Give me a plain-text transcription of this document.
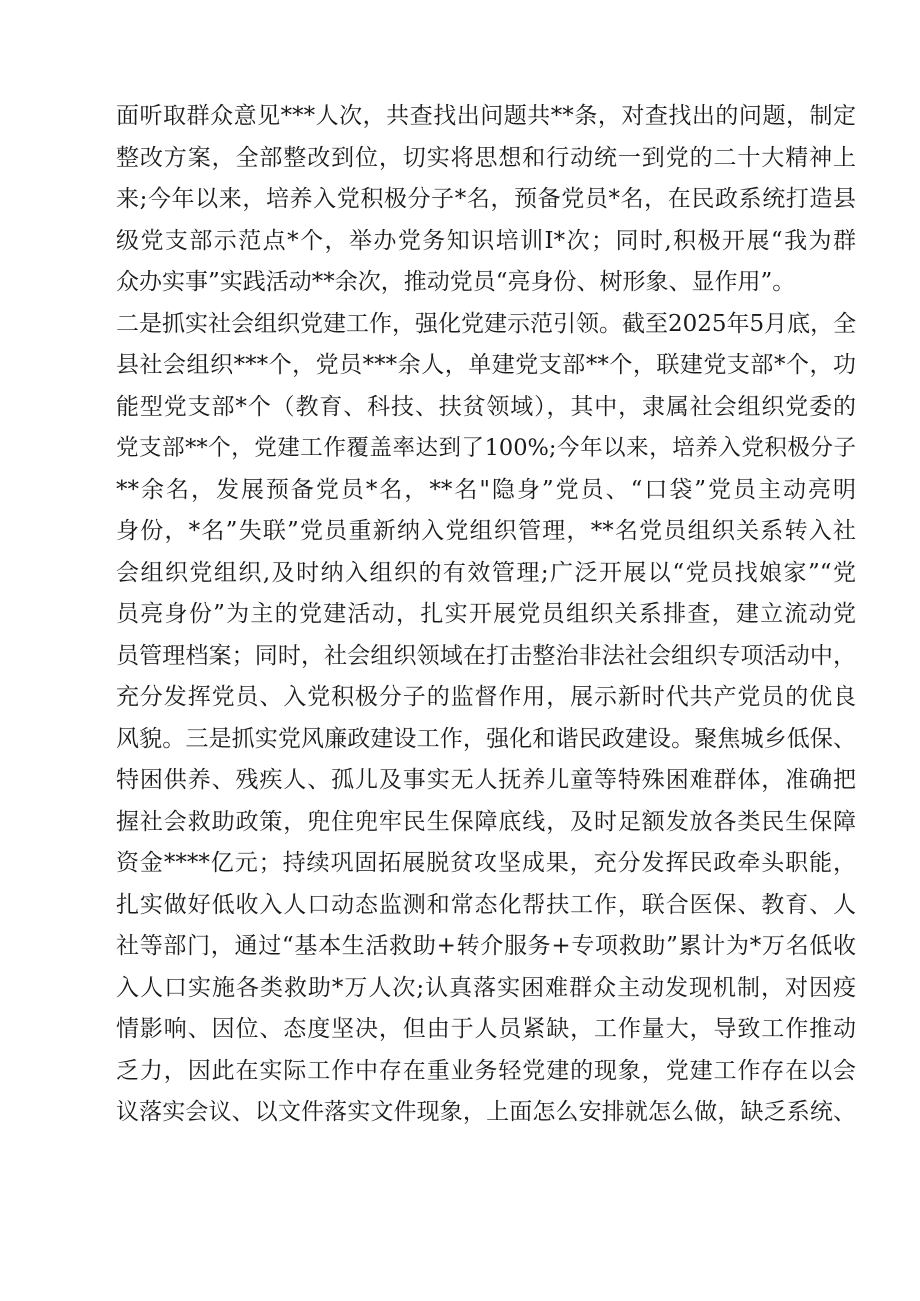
面听取群众意见***人次，共查找出问题共**条，对查找出的问题，制定
整改方案，全部整改到位，切实将思想和行动统一到党的二十大精神上
来;今年以来，培养入党积极分子*名，预备党员*名，在民政系统打造县
级党支部示范点*个，举办党务知识培训I*次；同时,积极开展“我为群
众办实事”实践活动**余次，推动党员“亮身份、树形象、显作用”。
二是抓实社会组织党建工作，强化党建示范引领。截至2025年5月底，全
县社会组织***个，党员***余人，单建党支部**个，联建党支部*个，功
能型党支部*个（教育、科技、扶贫领域），其中，隶属社会组织党委的
党支部**个，党建工作覆盖率达到了100%;今年以来，培养入党积极分子
**余名，发展预备党员*名，**名"隐身”党员、“口袋”党员主动亮明
身份，*名”失联”党员重新纳入党组织管理，**名党员组织关系转入社
会组织党组织,及时纳入组织的有效管理;广泛开展以“党员找娘家”“党
员亮身份”为主的党建活动，扎实开展党员组织关系排查，建立流动党
员管理档案；同时，社会组织领域在打击整治非法社会组织专项活动中，
充分发挥党员、入党积极分子的监督作用，展示新时代共产党员的优良
风貌。三是抓实党风廉政建设工作，强化和谐民政建设。聚焦城乡低保、
特困供养、残疾人、孤儿及事实无人抚养儿童等特殊困难群体，准确把
握社会救助政策，兜住兜牢民生保障底线，及时足额发放各类民生保障
资金****亿元；持续巩固拓展脱贫攻坚成果，充分发挥民政牵头职能，
扎实做好低收入人口动态监测和常态化帮扶工作，联合医保、教育、人
社等部门，通过“基本生活救助+转介服务+专项救助”累计为*万名低收
入人口实施各类救助*万人次;认真落实困难群众主动发现机制，对因疫
情影响、因位、态度坚决，但由于人员紧缺，工作量大，导致工作推动
乏力，因此在实际工作中存在重业务轻党建的现象，党建工作存在以会
议落实会议、以文件落实文件现象，上面怎么安排就怎么做，缺乏系统、
